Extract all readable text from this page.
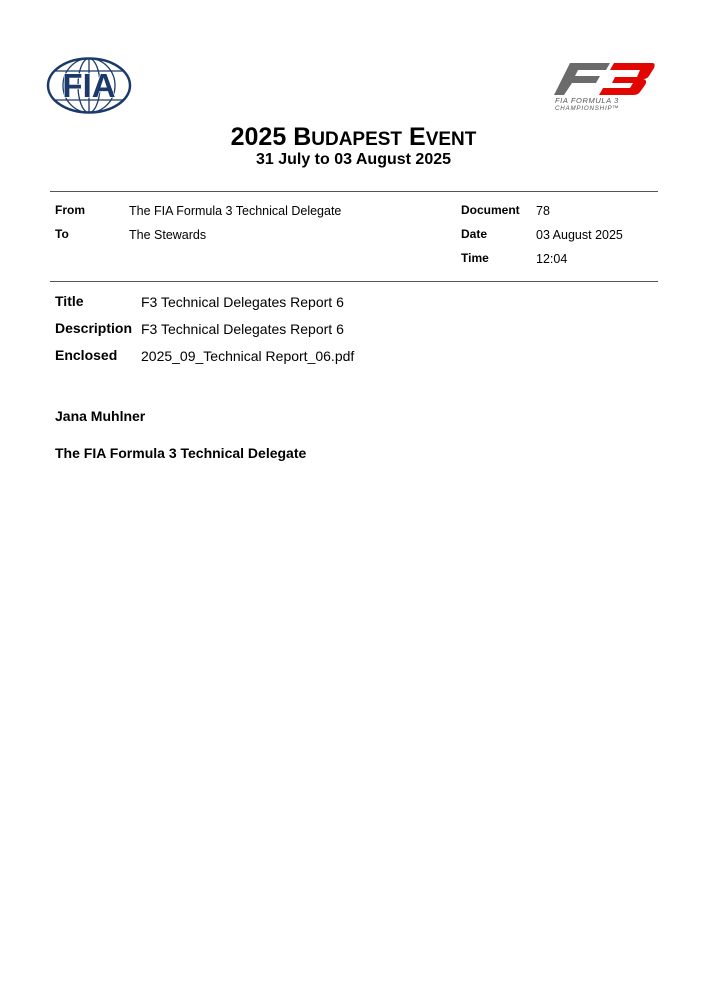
FIA	FIA FORMULA 3
CHAMPIONSHIP™
2025 BUDAPEST EVENT
31 July to 03 August 2025
From	The FIA Formula 3 Technical Delegate
To	The Stewards
Document 78
Date	03 August 2025
Time	12:04
Title	F3 Technical Delegates Report 6
Description F3 Technical Delegates Report 6
Enclosed 2025_09_Technical Report_06.pdf
Jana Muhlner
The FIA Formula 3 Technical Delegate
